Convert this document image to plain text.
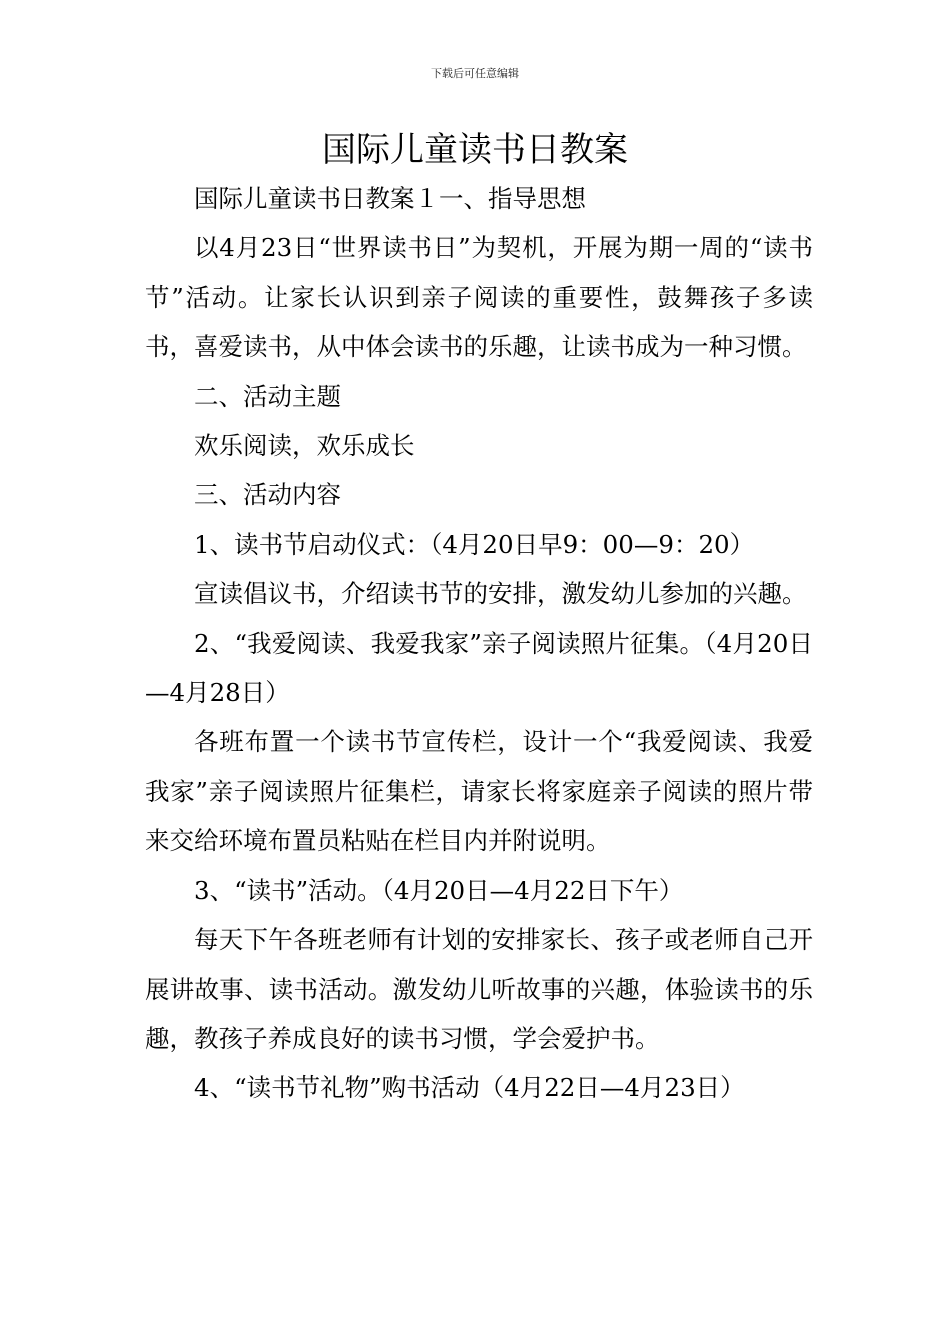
下载后可任意编辑
国际儿童读书日教案

国际儿童读书日教案１一、指导思想

以4月23日“世界读书日”为契机，开展为期一周的“读书节”活动。让家长认识到亲子阅读的重要性，鼓舞孩子多读书，喜爱读书，从中体会读书的乐趣，让读书成为一种习惯。

二、活动主题

欢乐阅读，欢乐成长

三、活动内容

1、读书节启动仪式：（4月20日早9：00—9：20）

宣读倡议书，介绍读书节的安排，激发幼儿参加的兴趣。

2、“我爱阅读、我爱我家”亲子阅读照片征集。（4月20日—4月28日）

各班布置一个读书节宣传栏，设计一个“我爱阅读、我爱我家”亲子阅读照片征集栏，请家长将家庭亲子阅读的照片带来交给环境布置员粘贴在栏目内并附说明。

3、“读书”活动。（4月20日—4月22日下午）

每天下午各班老师有计划的安排家长、孩子或老师自己开展讲故事、读书活动。激发幼儿听故事的兴趣，体验读书的乐趣，教孩子养成良好的读书习惯，学会爱护书。

4、“读书节礼物”购书活动（4月22日—4月23日）
